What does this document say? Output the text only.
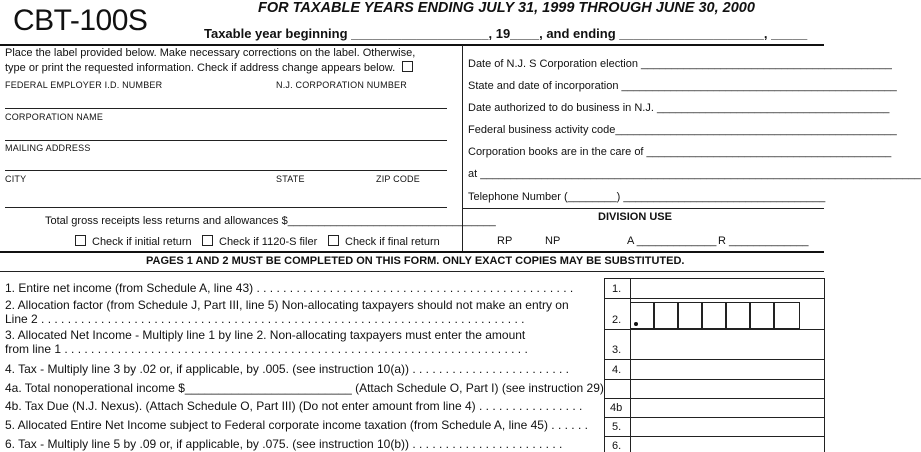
CBT-100S	FOR TAXABLE YEARS ENDING JULY 31, 1999 THROUGH JUNE 30, 2000
Taxable year beginning ___________________, 19____, and ending ____________________, _____
Place the label provided below. Make necessary corrections on the label. Otherwise,
type or print the requested information. Check if address change appears below.
FEDERAL EMPLOYER I.D. NUMBER	N.J. CORPORATION NUMBER
CORPORATION NAME
MAILING ADDRESS
CITY	STATE	ZIP CODE
Total gross receipts less returns and allowances $__________________________________
Check if initial return	Check if 1120-S filer	Check if final return
Date of N.J. S Corporation election _________________________________________
State and date of incorporation _____________________________________________
Date authorized to do business in N.J. ______________________________________
Federal business activity code______________________________________________
Corporation books are in the care of ________________________________________
at ________________________________________________________________________
Telephone Number (________) _________________________________
DIVISION USE
RP	NP	A _____________ R _____________
PAGES 1 AND 2 MUST BE COMPLETED ON THIS FORM. ONLY EXACT COPIES MAY BE SUBSTITUTED.
1. Entire net income (from Schedule A, line 43) . . . . . . . . . . . . . . . . . . . . . . . . . . . . . . . . . . . . . . . . . . . . . . . .	1.
2. Allocation factor (from Schedule J, Part III, line 5) Non-allocating taxpayers should not make an entry on
Line 2 . . . . . . . . . . . . . . . . . . . . . . . . . . . . . . . . . . . . . . . . . . . . . . . . . . . . . . . . . . . . . . . . . . . . . . . . .	2.
3. Allocated Net Income - Multiply line 1 by line 2. Non-allocating taxpayers must enter the amount
from line 1 . . . . . . . . . . . . . . . . . . . . . . . . . . . . . . . . . . . . . . . . . . . . . . . . . . . . . . . . . . . . . . . . . . . . . .	3.
4. Tax - Multiply line 3 by .02 or, if applicable, by .005. (see instruction 10(a)) . . . . . . . . . . . . . . . . . . . . . . . .	4.
4a. Total nonoperational income $_________________________ (Attach Schedule O, Part I) (see instruction 29)
4b. Tax Due (N.J. Nexus). (Attach Schedule O, Part III) (Do not enter amount from line 4) . . . . . . . . . . . . . . . .	4b
5. Allocated Entire Net Income subject to Federal corporate income taxation (from Schedule A, line 45) . . . . . . 5.
6. Tax - Multiply line 5 by .09 or, if applicable, by .075. (see instruction 10(b)) . . . . . . . . . . . . . . . . . . . . . . .	6.
